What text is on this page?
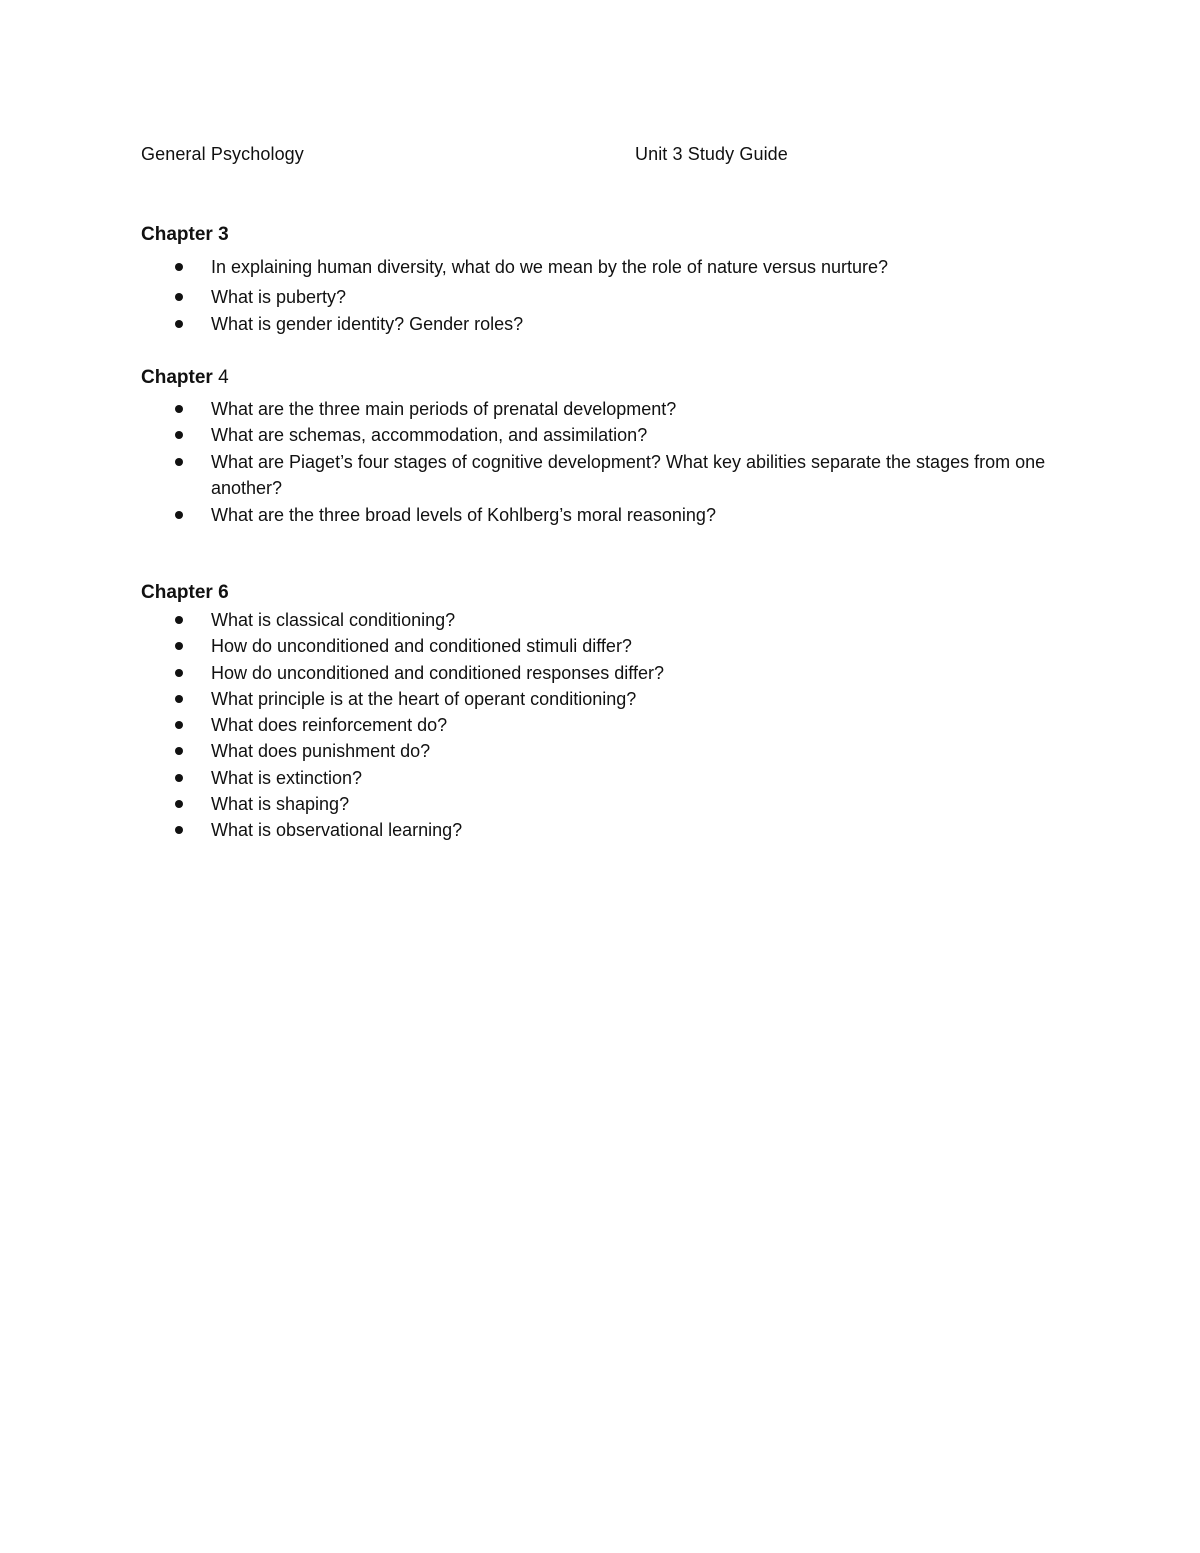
General Psychology	Unit 3 Study Guide
Chapter 3
In explaining human diversity, what do we mean by the role of nature versus nurture?
What is puberty?
What is gender identity? Gender roles?
Chapter 4
What are the three main periods of prenatal development?
What are schemas, accommodation, and assimilation?
What are Piaget’s four stages of cognitive development? What key abilities separate the stages from one another?
What are the three broad levels of Kohlberg’s moral reasoning?
Chapter 6
What is classical conditioning?
How do unconditioned and conditioned stimuli differ?
How do unconditioned and conditioned responses differ?
What principle is at the heart of operant conditioning?
What does reinforcement do?
What does punishment do?
What is extinction?
What is shaping?
What is observational learning?
